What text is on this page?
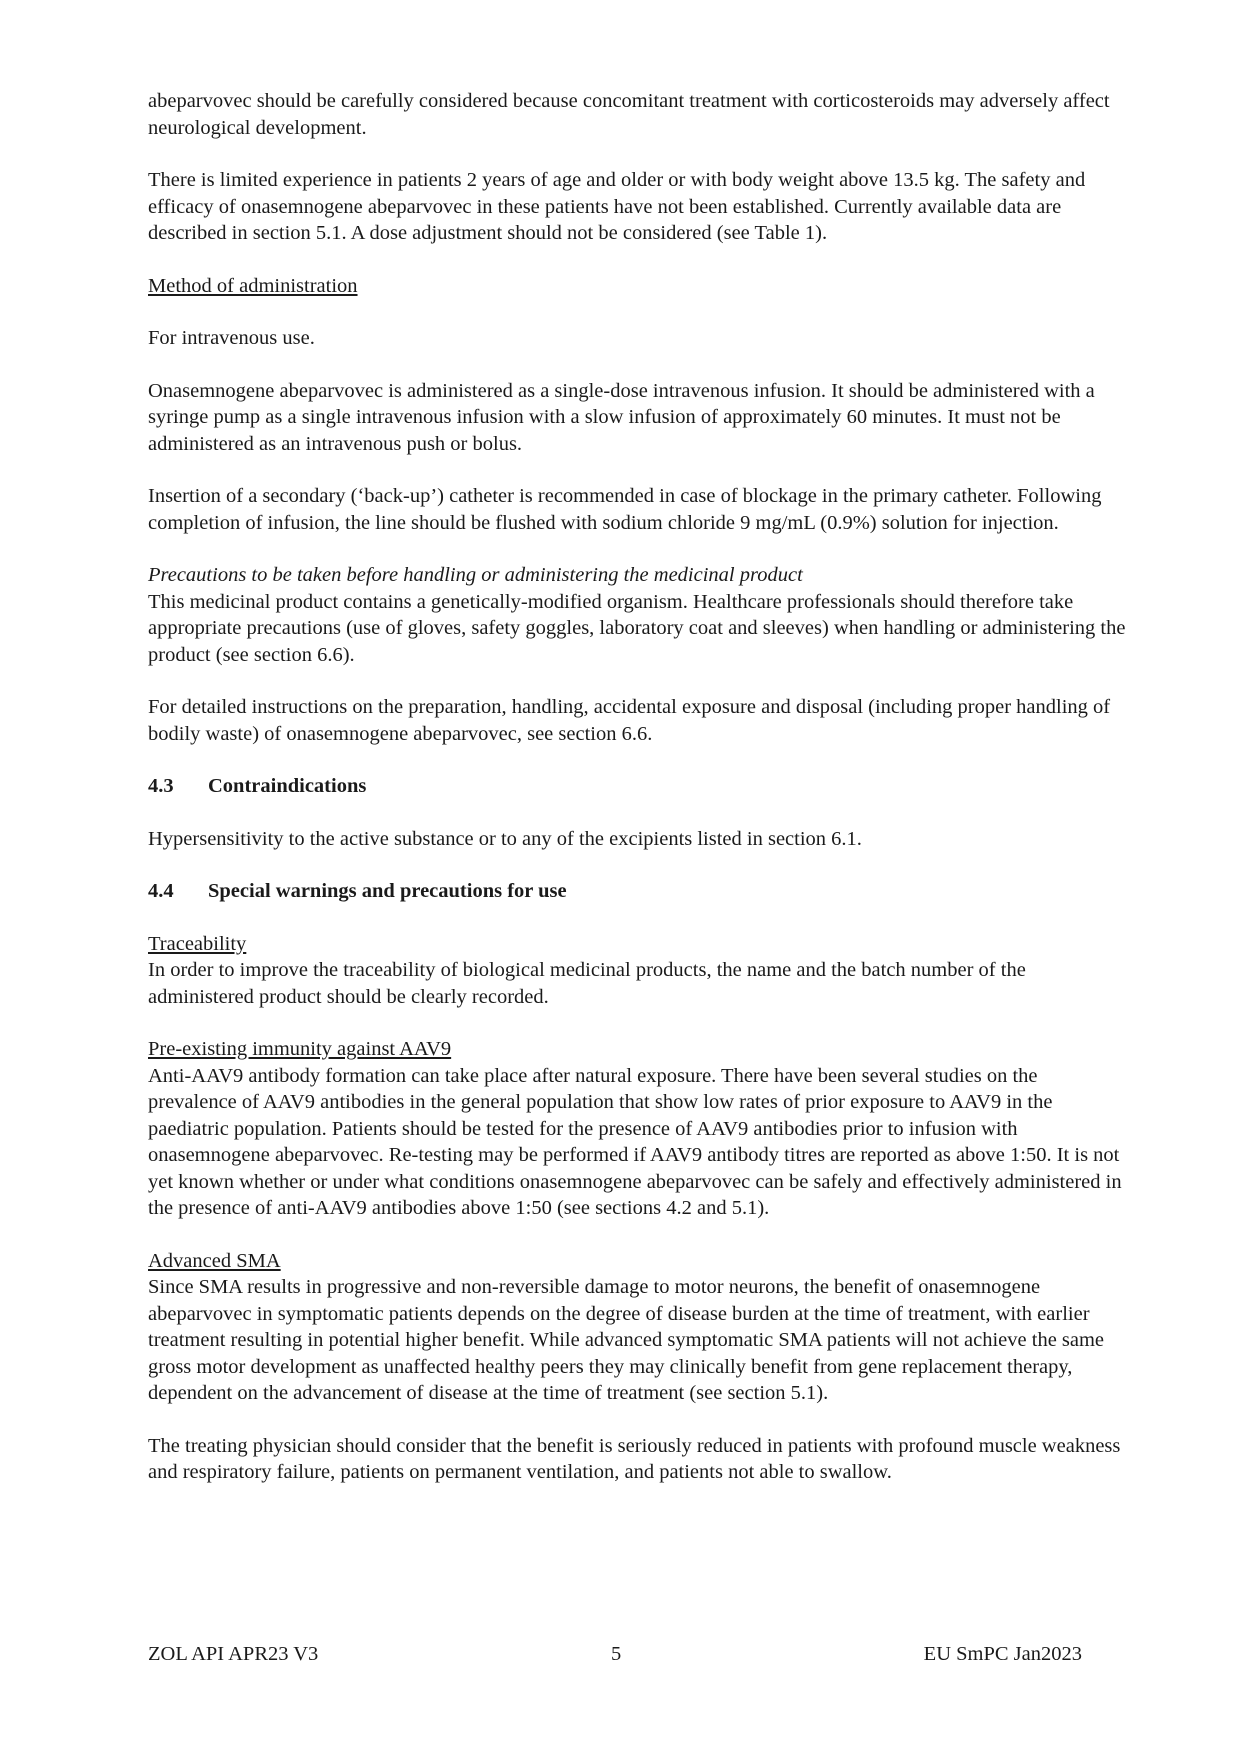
abeparvovec should be carefully considered because concomitant treatment with corticosteroids may adversely affect neurological development.

There is limited experience in patients 2 years of age and older or with body weight above 13.5 kg. The safety and efficacy of onasemnogene abeparvovec in these patients have not been established. Currently available data are described in section 5.1. A dose adjustment should not be considered (see Table 1).

Method of administration

For intravenous use.

Onasemnogene abeparvovec is administered as a single-dose intravenous infusion. It should be administered with a syringe pump as a single intravenous infusion with a slow infusion of approximately 60 minutes. It must not be administered as an intravenous push or bolus.

Insertion of a secondary (‘back-up’) catheter is recommended in case of blockage in the primary catheter. Following completion of infusion, the line should be flushed with sodium chloride 9 mg/mL (0.9%) solution for injection.

Precautions to be taken before handling or administering the medicinal product

This medicinal product contains a genetically-modified organism. Healthcare professionals should therefore take appropriate precautions (use of gloves, safety goggles, laboratory coat and sleeves) when handling or administering the product (see section 6.6).

For detailed instructions on the preparation, handling, accidental exposure and disposal (including proper handling of bodily waste) of onasemnogene abeparvovec, see section 6.6.

4.3 Contraindications

Hypersensitivity to the active substance or to any of the excipients listed in section 6.1.

4.4 Special warnings and precautions for use

Traceability

In order to improve the traceability of biological medicinal products, the name and the batch number of the administered product should be clearly recorded.

Pre-existing immunity against AAV9

Anti-AAV9 antibody formation can take place after natural exposure. There have been several studies on the prevalence of AAV9 antibodies in the general population that show low rates of prior exposure to AAV9 in the paediatric population. Patients should be tested for the presence of AAV9 antibodies prior to infusion with onasemnogene abeparvovec. Re-testing may be performed if AAV9 antibody titres are reported as above 1:50. It is not yet known whether or under what conditions onasemnogene abeparvovec can be safely and effectively administered in the presence of anti-AAV9 antibodies above 1:50 (see sections 4.2 and 5.1).

Advanced SMA

Since SMA results in progressive and non-reversible damage to motor neurons, the benefit of onasemnogene abeparvovec in symptomatic patients depends on the degree of disease burden at the time of treatment, with earlier treatment resulting in potential higher benefit. While advanced symptomatic SMA patients will not achieve the same gross motor development as unaffected healthy peers they may clinically benefit from gene replacement therapy, dependent on the advancement of disease at the time of treatment (see section 5.1).

The treating physician should consider that the benefit is seriously reduced in patients with profound muscle weakness and respiratory failure, patients on permanent ventilation, and patients not able to swallow.

ZOL API APR23 V3	5	EU SmPC Jan2023
